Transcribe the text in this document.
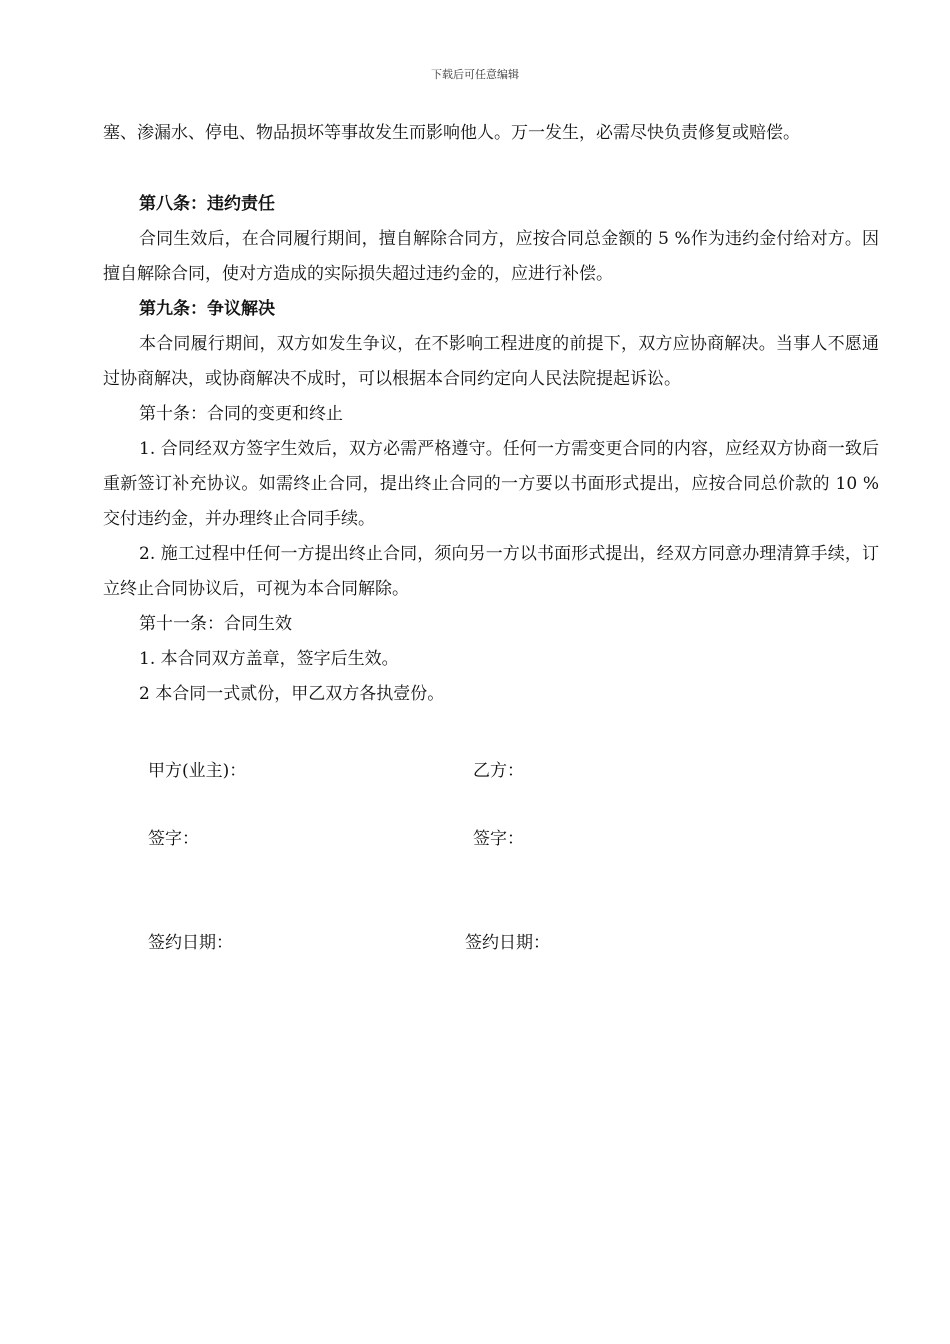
下载后可任意编辑

塞、渗漏水、停电、物品损坏等事故发生而影响他人。万一发生，必需尽快负责修复或赔偿。

第八条：违约责任

合同生效后，在合同履行期间，擅自解除合同方，应按合同总金额的 5 %作为违约金付给对方。因擅自解除合同，使对方造成的实际损失超过违约金的，应进行补偿。

第九条：争议解决

本合同履行期间，双方如发生争议，在不影响工程进度的前提下，双方应协商解决。当事人不愿通过协商解决，或协商解决不成时，可以根据本合同约定向人民法院提起诉讼。

第十条：合同的变更和终止

1. 合同经双方签字生效后，双方必需严格遵守。任何一方需变更合同的内容，应经双方协商一致后重新签订补充协议。如需终止合同，提出终止合同的一方要以书面形式提出，应按合同总价款的 10 %交付违约金，并办理终止合同手续。

2. 施工过程中任何一方提出终止合同，须向另一方以书面形式提出，经双方同意办理清算手续，订立终止合同协议后，可视为本合同解除。

第十一条：合同生效

1. 本合同双方盖章，签字后生效。

2 本合同一式贰份，甲乙双方各执壹份。

甲方(业主)：	乙方：
签字：	签字：
签约日期：	签约日期：
